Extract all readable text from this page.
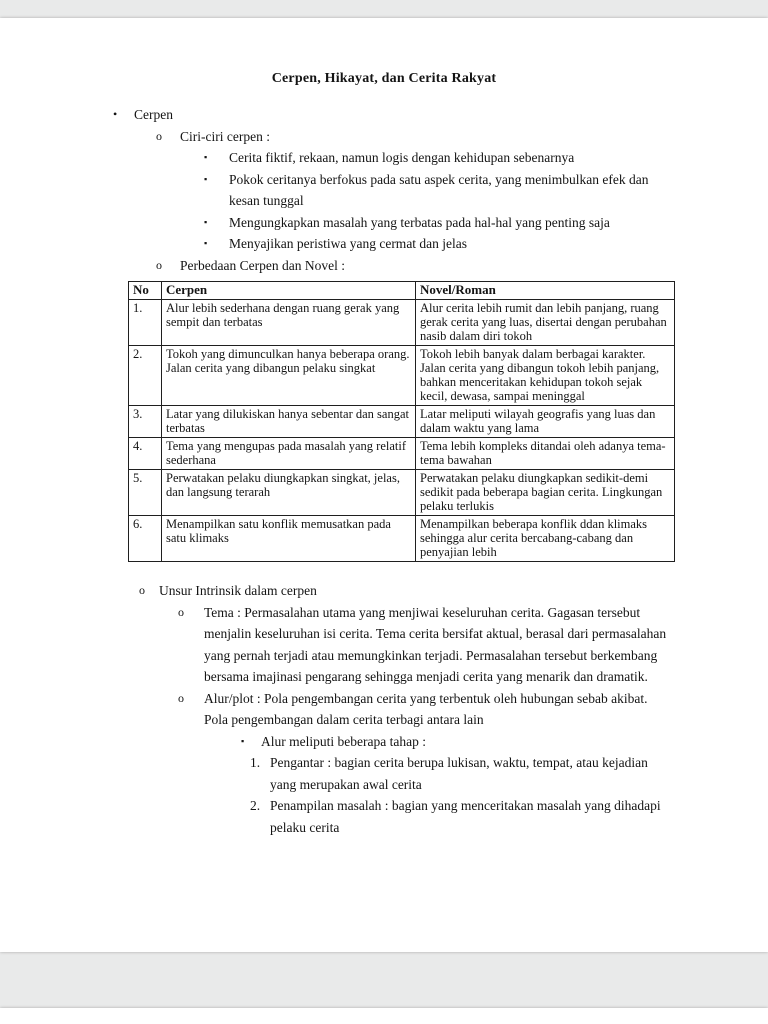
Cerpen, Hikayat, dan Cerita Rakyat
•	Cerpen
o	Ciri-ciri cerpen :
▪	Cerita fiktif, rekaan, namun logis dengan kehidupan sebenarnya
▪	Pokok ceritanya berfokus pada satu aspek cerita, yang menimbulkan efek dan kesan tunggal
▪	Mengungkapkan masalah yang terbatas pada hal-hal yang penting saja
▪	Menyajikan peristiwa yang cermat dan jelas
o	Perbedaan Cerpen dan Novel :
No	Cerpen	Novel/Roman
1.	Alur lebih sederhana dengan ruang gerak yang sempit dan terbatas	Alur cerita lebih rumit dan lebih panjang, ruang gerak cerita yang luas, disertai dengan perubahan nasib dalam diri tokoh
2.	Tokoh yang dimunculkan hanya beberapa orang. Jalan cerita yang dibangun pelaku singkat	Tokoh lebih banyak dalam berbagai karakter. Jalan cerita yang dibangun tokoh lebih panjang, bahkan menceritakan kehidupan tokoh sejak kecil, dewasa, sampai meninggal
3.	Latar yang dilukiskan hanya sebentar dan sangat terbatas	Latar meliputi wilayah geografis yang luas dan dalam waktu yang lama
4.	Tema yang mengupas pada masalah yang relatif sederhana	Tema lebih kompleks ditandai oleh adanya tema-tema bawahan
5.	Perwatakan pelaku diungkapkan singkat, jelas, dan langsung terarah	Perwatakan pelaku diungkapkan sedikit-demi sedikit pada beberapa bagian cerita. Lingkungan pelaku terlukis
6.	Menampilkan satu konflik memusatkan pada satu klimaks	Menampilkan beberapa konflik ddan klimaks sehingga alur cerita bercabang-cabang dan penyajian lebih
o	Unsur Intrinsik dalam cerpen
o	Tema : Permasalahan utama yang menjiwai keseluruhan cerita. Gagasan tersebut menjalin keseluruhan isi cerita. Tema cerita bersifat aktual, berasal dari permasalahan yang pernah terjadi atau memungkinkan terjadi. Permasalahan tersebut berkembang bersama imajinasi pengarang sehingga menjadi cerita yang menarik dan dramatik.
o	Alur/plot : Pola pengembangan cerita yang terbentuk oleh hubungan sebab akibat. Pola pengembangan dalam cerita terbagi antara lain
▪	Alur meliputi beberapa tahap :
1. Pengantar : bagian cerita berupa lukisan, waktu, tempat, atau kejadian yang merupakan awal cerita
2. Penampilan masalah : bagian yang menceritakan masalah yang dihadapi pelaku cerita
